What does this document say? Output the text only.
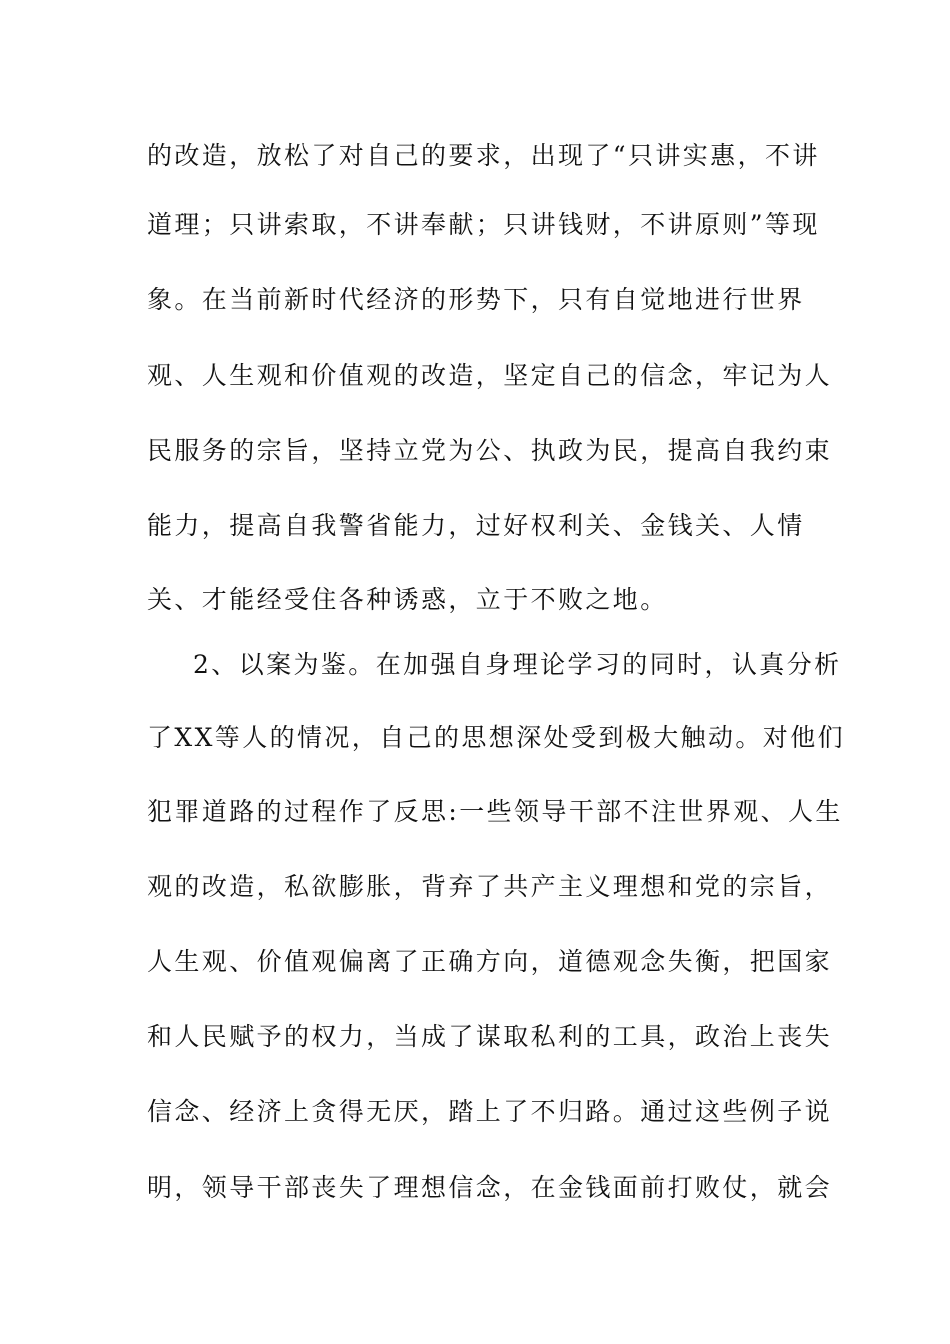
的改造，放松了对自己的要求，出现了“只讲实惠，不讲
道理；只讲索取，不讲奉献；只讲钱财，不讲原则”等现
象。在当前新时代经济的形势下，只有自觉地进行世界
观、人生观和价值观的改造，坚定自己的信念，牢记为人
民服务的宗旨，坚持立党为公、执政为民，提高自我约束
能力，提高自我警省能力，过好权利关、金钱关、人情
关、才能经受住各种诱惑，立于不败之地。
2、以案为鉴。在加强自身理论学习的同时，认真分析
了XX等人的情况，自己的思想深处受到极大触动。对他们
犯罪道路的过程作了反思:一些领导干部不注世界观、人生
观的改造，私欲膨胀，背弃了共产主义理想和党的宗旨，
人生观、价值观偏离了正确方向，道德观念失衡，把国家
和人民赋予的权力，当成了谋取私利的工具，政治上丧失
信念、经济上贪得无厌，踏上了不归路。通过这些例子说
明，领导干部丧失了理想信念，在金钱面前打败仗，就会
